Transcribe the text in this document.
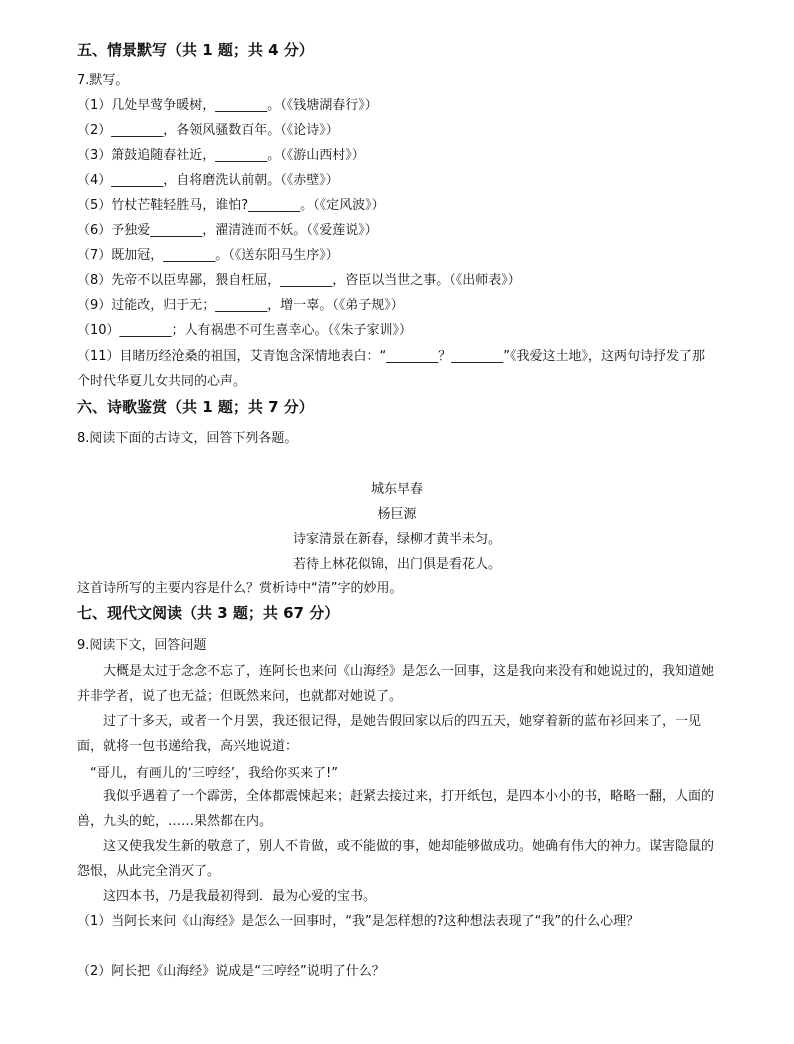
五、情景默写（共 1 题；共 4 分）
7.默写。
（1）几处早莺争暖树，________。（《钱塘湖春行》）
（2）________，各领风骚数百年。（《论诗》）
（3）箫鼓追随春社近，________。（《游山西村》）
（4）________，自将磨洗认前朝。（《赤壁》）
（5）竹杖芒鞋轻胜马，谁怕?________。（《定风波》）
（6）予独爱________，濯清涟而不妖。（《爱莲说》）
（7）既加冠，________。（《送东阳马生序》）
（8）先帝不以臣卑鄙，猥自枉屈，________，咨臣以当世之事。（《出师表》）
（9）过能改，归于无；________，增一辜。（《弟子规》）
（10）________；人有祸患不可生喜幸心。（《朱子家训》）
（11）目睹历经沧桑的祖国，艾青饱含深情地表白：“________？________”《我爱这土地》，这两句诗抒发了那个时代华夏儿女共同的心声。
六、诗歌鉴赏（共 1 题；共 7 分）
8.阅读下面的古诗文，回答下列各题。
城东早春
杨巨源
诗家清景在新春，绿柳才黄半未匀。
若待上林花似锦，出门俱是看花人。
这首诗所写的主要内容是什么？赏析诗中“清”字的妙用。
七、现代文阅读（共 3 题；共 67 分）
9.阅读下文，回答问题
大概是太过于念念不忘了，连阿长也来问《山海经》是怎么一回事，这是我向来没有和她说过的，我知道她并非学者，说了也无益；但既然来问，也就都对她说了。
过了十多天，或者一个月罢，我还很记得，是她告假回家以后的四五天，她穿着新的蓝布衫回来了，一见面，就将一包书递给我，高兴地说道：
“哥儿，有画儿的‘三哼经’，我给你买来了!”
我似乎遇着了一个霹雳，全体都震悚起来；赶紧去接过来，打开纸包，是四本小小的书，略略一翻，人面的兽，九头的蛇，……果然都在内。
这又使我发生新的敬意了，别人不肯做，或不能做的事，她却能够做成功。她确有伟大的神力。谋害隐鼠的怨恨，从此完全消灭了。
这四本书，乃是我最初得到．最为心爱的宝书。
（1）当阿长来问《山海经》是怎么一回事时，“我”是怎样想的?这种想法表现了“我”的什么心理？
（2）阿长把《山海经》说成是“三哼经”说明了什么？
